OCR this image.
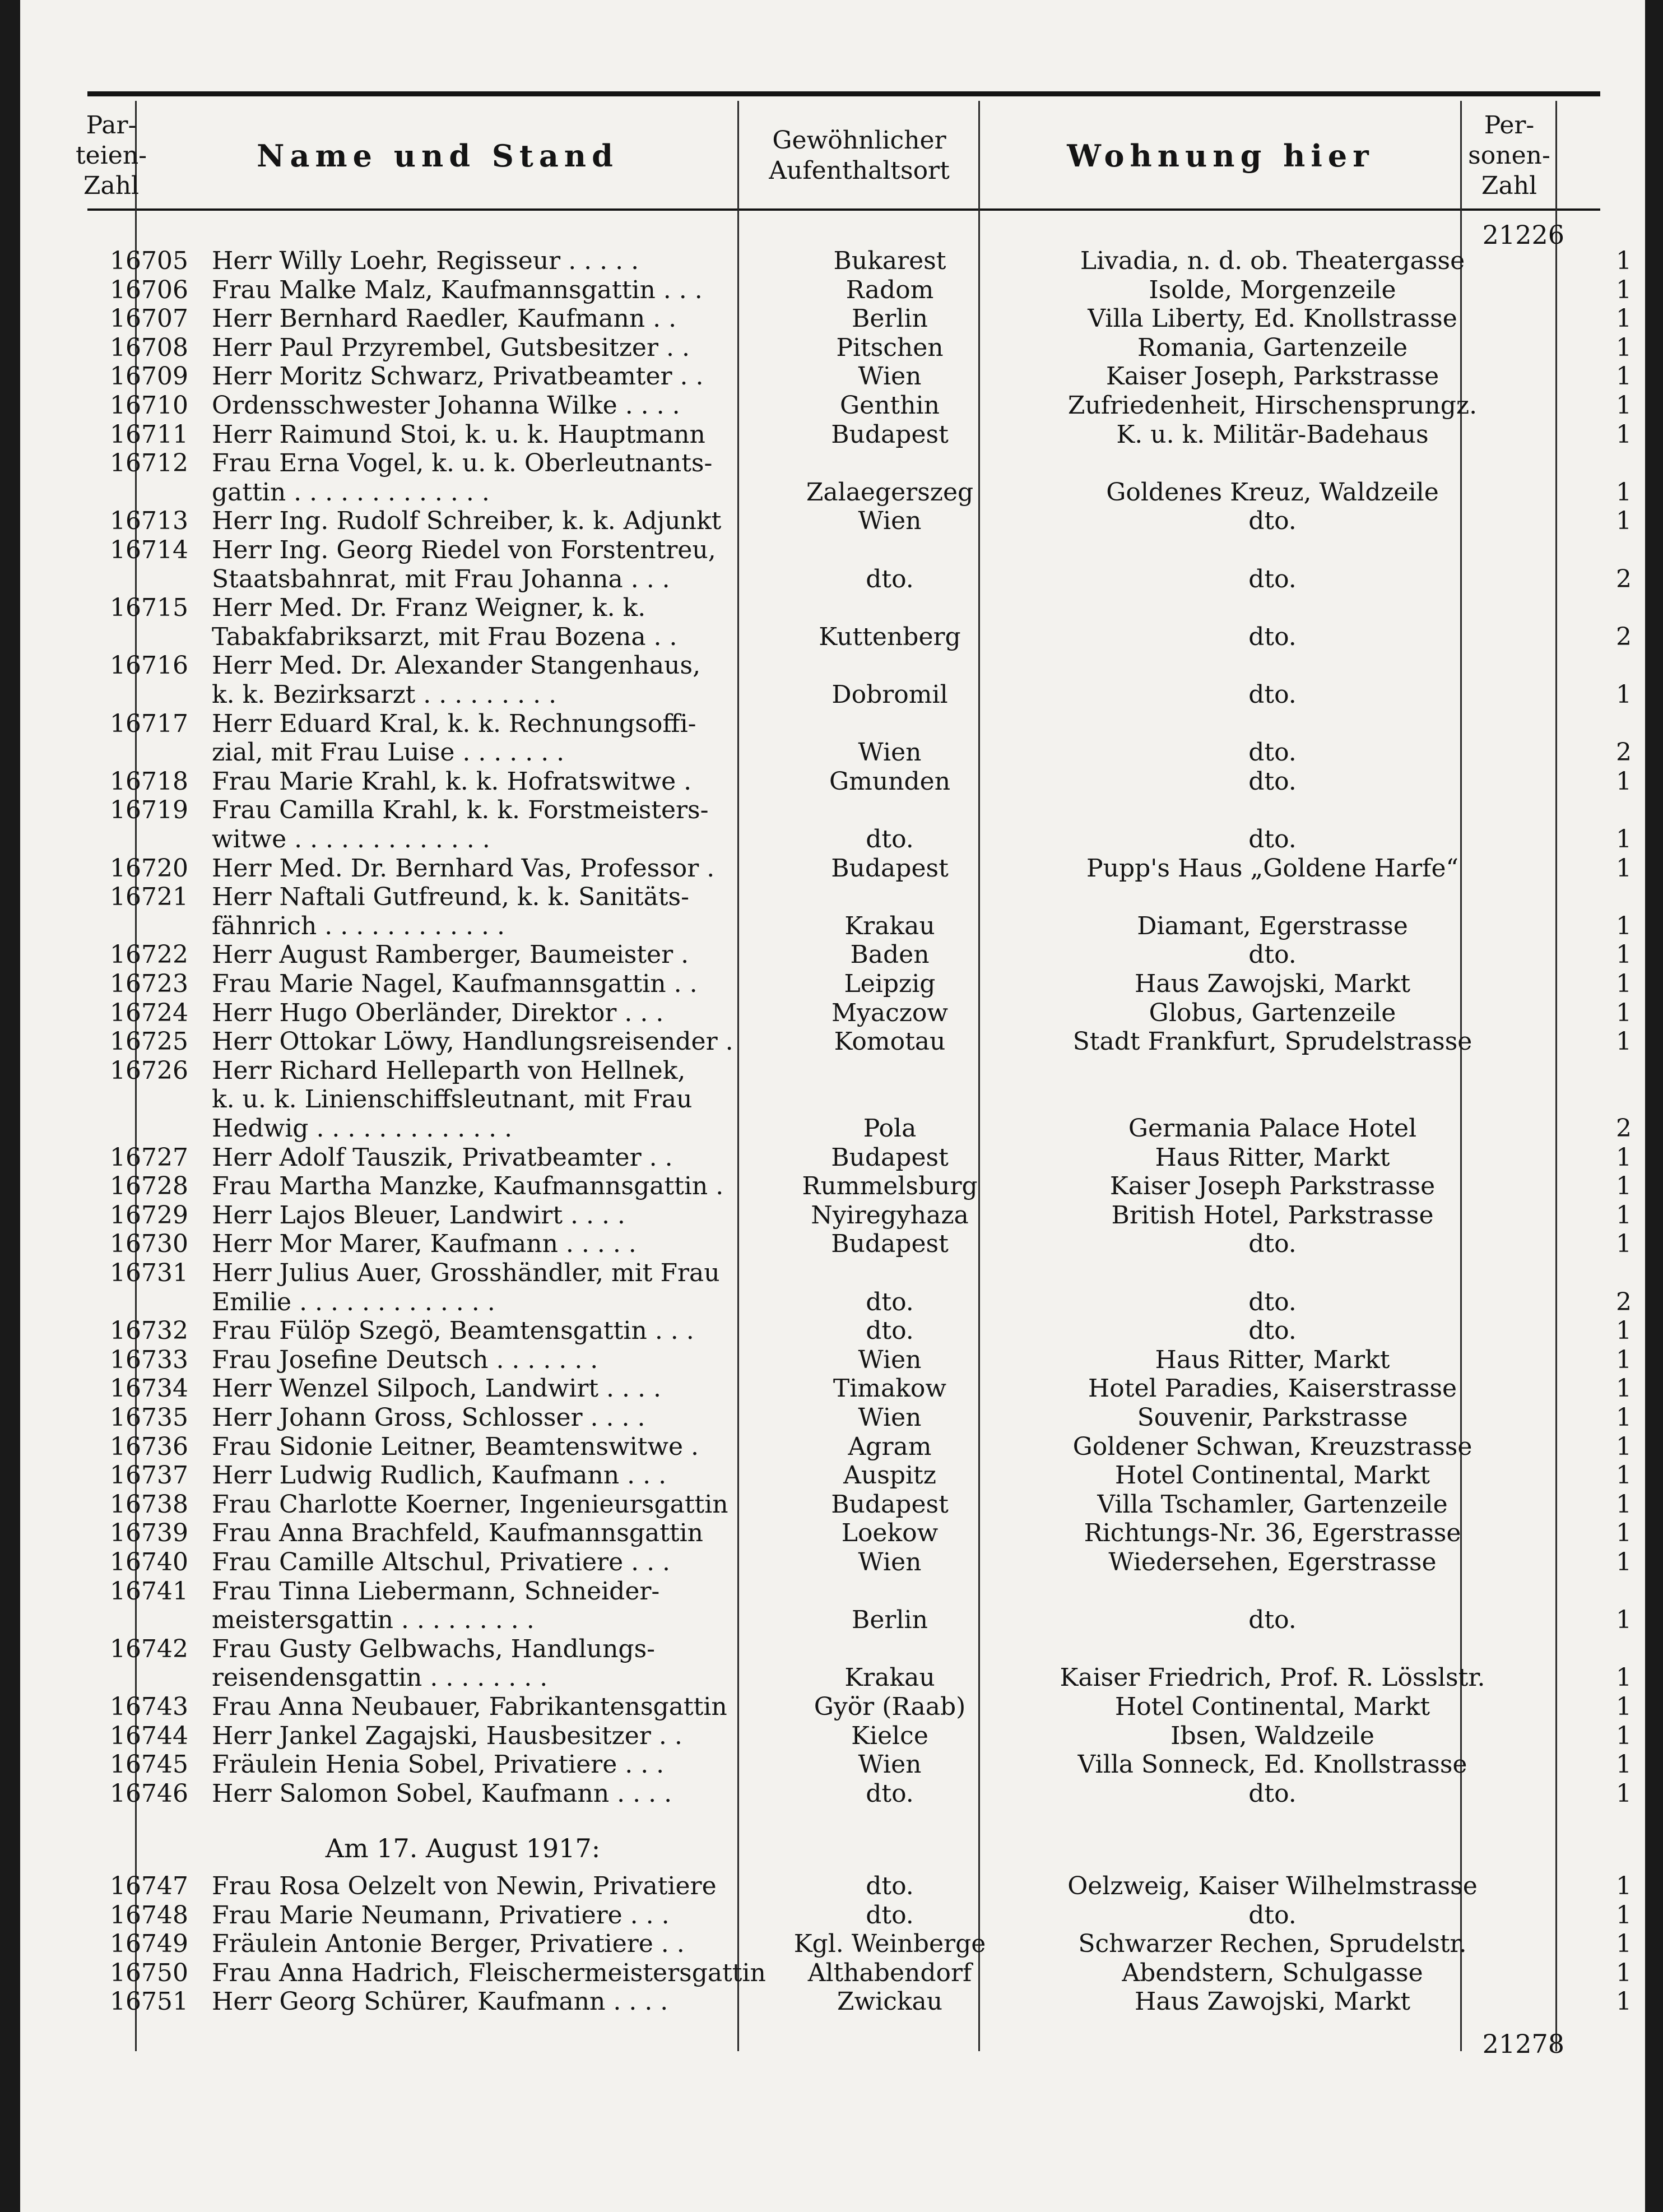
Par- teien- Zahl
Name und Stand	Gewöhnlicher Aufenthaltsort	Wohnung hier
Per- sonen- Zahl
21226
16705 Herr Willy Loehr, Regisseur . . . . .	Bukarest	Livadia, n. d. ob. Theatergasse	1
16706 Frau Malke Malz, Kaufmannsgattin . . .	Radom	Isolde, Morgenzeile	1
16707 Herr Bernhard Raedler, Kaufmann . .	Berlin	Villa Liberty, Ed. Knollstrasse	1
16708 Herr Paul Przyrembel, Gutsbesitzer . .	Pitschen	Romania, Gartenzeile	1
16709 Herr Moritz Schwarz, Privatbeamter . .	Wien	Kaiser Joseph, Parkstrasse	1
16710 Ordensschwester Johanna Wilke . . . .	Genthin	Zufriedenheit, Hirschensprungz.	1
16711 Herr Raimund Stoi, k. u. k. Hauptmann	Budapest	K. u. k. Militär-Badehaus	1
16712 Frau Erna Vogel, k. u. k. Oberleutnants-
gattin . . . . . . . . . . . . .	Zalaegerszeg	Goldenes Kreuz, Waldzeile	1
16713 Herr Ing. Rudolf Schreiber, k. k. Adjunkt	Wien	dto.	1
16714 Herr Ing. Georg Riedel von Forstentreu,
Staatsbahnrat, mit Frau Johanna . . .	dto.	dto.	2
16715 Herr Med. Dr. Franz Weigner, k. k.
Tabakfabriksarzt, mit Frau Bozena . .	Kuttenberg	dto.	2
16716 Herr Med. Dr. Alexander Stangenhaus,
k. k. Bezirksarzt . . . . . . . . .	Dobromil	dto.	1
16717 Herr Eduard Kral, k. k. Rechnungsoffi-
zial, mit Frau Luise . . . . . . .	Wien	dto.	2
16718 Frau Marie Krahl, k. k. Hofratswitwe .	Gmunden	dto.	1
16719 Frau Camilla Krahl, k. k. Forstmeisters-
witwe . . . . . . . . . . . . .	dto.	dto.	1
16720 Herr Med. Dr. Bernhard Vas, Professor .	Budapest	Pupp's Haus „Goldene Harfe“	1
16721 Herr Naftali Gutfreund, k. k. Sanitäts-
fähnrich . . . . . . . . . . . .	Krakau	Diamant, Egerstrasse	1
16722 Herr August Ramberger, Baumeister .	Baden	dto.	1
16723 Frau Marie Nagel, Kaufmannsgattin . .	Leipzig	Haus Zawojski, Markt	1
16724 Herr Hugo Oberländer, Direktor . . .	Myaczow	Globus, Gartenzeile	1
16725 Herr Ottokar Löwy, Handlungsreisender .	Komotau	Stadt Frankfurt, Sprudelstrasse	1
16726 Herr Richard Helleparth von Hellnek,
k. u. k. Linienschiffsleutnant, mit Frau
Hedwig . . . . . . . . . . . . .	Pola	Germania Palace Hotel	2
16727 Herr Adolf Tauszik, Privatbeamter . .	Budapest	Haus Ritter, Markt	1
16728 Frau Martha Manzke, Kaufmannsgattin .	Rummelsburg	Kaiser Joseph Parkstrasse	1
16729 Herr Lajos Bleuer, Landwirt . . . .	Nyiregyhaza	British Hotel, Parkstrasse	1
16730 Herr Mor Marer, Kaufmann . . . . .	Budapest	dto.	1
16731 Herr Julius Auer, Grosshändler, mit Frau
Emilie . . . . . . . . . . . . .	dto.	dto.	2
16732 Frau Fülöp Szegö, Beamtensgattin . . .	dto.	dto.	1
16733 Frau Josefine Deutsch . . . . . . .	Wien	Haus Ritter, Markt	1
16734 Herr Wenzel Silpoch, Landwirt . . . .	Timakow	Hotel Paradies, Kaiserstrasse	1
16735 Herr Johann Gross, Schlosser . . . .	Wien	Souvenir, Parkstrasse	1
16736 Frau Sidonie Leitner, Beamtenswitwe .	Agram	Goldener Schwan, Kreuzstrasse	1
16737 Herr Ludwig Rudlich, Kaufmann . . .	Auspitz	Hotel Continental, Markt	1
16738 Frau Charlotte Koerner, Ingenieursgattin	Budapest	Villa Tschamler, Gartenzeile	1
16739 Frau Anna Brachfeld, Kaufmannsgattin	Loekow	Richtungs-Nr. 36, Egerstrasse	1
16740 Frau Camille Altschul, Privatiere . . .	Wien	Wiedersehen, Egerstrasse	1
16741 Frau Tinna Liebermann, Schneider-
meistersgattin . . . . . . . . .	Berlin	dto.	1
16742 Frau Gusty Gelbwachs, Handlungs-
reisendensgattin . . . . . . . .	Krakau	Kaiser Friedrich, Prof. R. Lösslstr.	1
16743 Frau Anna Neubauer, Fabrikantensgattin	Györ (Raab)	Hotel Continental, Markt	1
16744 Herr Jankel Zagajski, Hausbesitzer . .	Kielce	Ibsen, Waldzeile	1
16745 Fräulein Henia Sobel, Privatiere . . .	Wien	Villa Sonneck, Ed. Knollstrasse	1
16746 Herr Salomon Sobel, Kaufmann . . . .	dto.	dto.	1
Am 17. August 1917:
16747 Frau Rosa Oelzelt von Newin, Privatiere	dto.	Oelzweig, Kaiser Wilhelmstrasse	1
16748 Frau Marie Neumann, Privatiere . . .	dto.	dto.	1
16749 Fräulein Antonie Berger, Privatiere . .	Kgl. Weinberge	Schwarzer Rechen, Sprudelstr.	1
16750 Frau Anna Hadrich, Fleischermeistersgattin	Althabendorf	Abendstern, Schulgasse	1
16751 Herr Georg Schürer, Kaufmann . . . .	Zwickau	Haus Zawojski, Markt	1
21278
